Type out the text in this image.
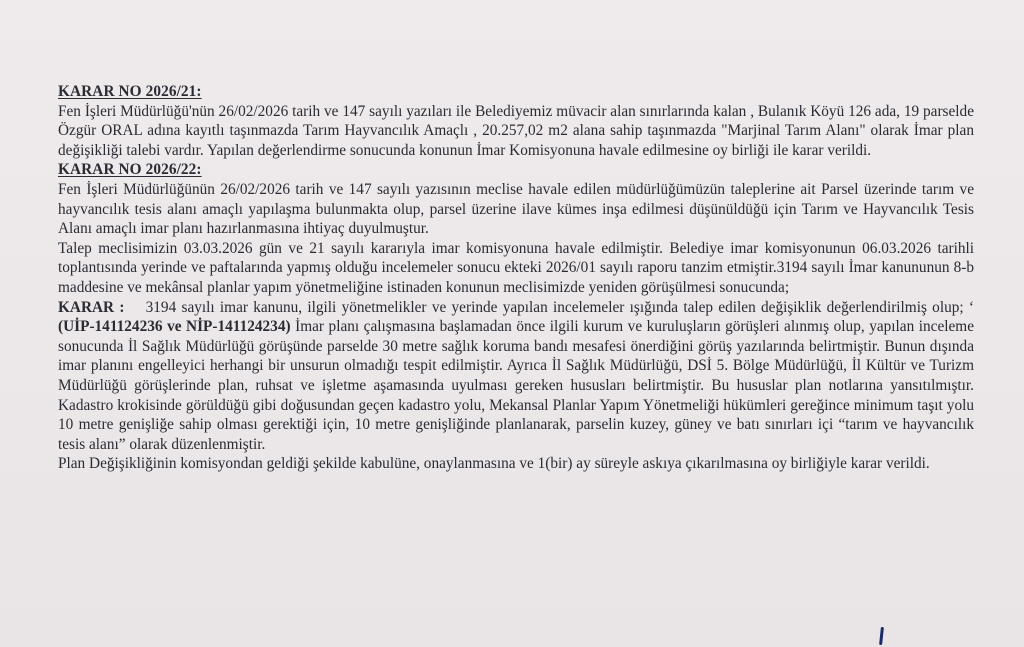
KARAR NO 2026/21:

Fen İşleri Müdürlüğü'nün 26/02/2026 tarih ve 147 sayılı yazıları ile Belediyemiz müvacir alan sınırlarında kalan , Bulanık Köyü 126 ada, 19 parselde Özgür ORAL adına kayıtlı taşınmazda Tarım Hayvancılık Amaçlı , 20.257,02 m2 alana sahip taşınmazda "Marjinal Tarım Alanı" olarak İmar plan değişikliği talebi vardır. Yapılan değerlendirme sonucunda konunun İmar Komisyonuna havale edilmesine oy birliği ile karar verildi.

KARAR NO 2026/22:

Fen İşleri Müdürlüğünün 26/02/2026 tarih ve 147 sayılı yazısının meclise havale edilen müdürlüğümüzün taleplerine ait Parsel üzerinde tarım ve hayvancılık tesis alanı amaçlı yapılaşma bulunmakta olup, parsel üzerine ilave kümes inşa edilmesi düşünüldüğü için Tarım ve Hayvancılık Tesis Alanı amaçlı imar planı hazırlanmasına ihtiyaç duyulmuştur.

Talep meclisimizin 03.03.2026 gün ve 21 sayılı kararıyla imar komisyonuna havale edilmiştir. Belediye imar komisyonunun 06.03.2026 tarihli toplantısında yerinde ve paftalarında yapmış olduğu incelemeler sonucu ekteki 2026/01 sayılı raporu tanzim etmiştir.3194 sayılı İmar kanununun 8-b maddesine ve mekânsal planlar yapım yönetmeliğine istinaden konunun meclisimizde yeniden görüşülmesi sonucunda;

KARAR : 3194 sayılı imar kanunu, ilgili yönetmelikler ve yerinde yapılan incelemeler ışığında talep edilen değişiklik değerlendirilmiş olup; ‘ (UİP-141124236 ve NİP-141124234) İmar planı çalışmasına başlamadan önce ilgili kurum ve kuruluşların görüşleri alınmış olup, yapılan inceleme sonucunda İl Sağlık Müdürlüğü görüşünde parselde 30 metre sağlık koruma bandı mesafesi önerdiğini görüş yazılarında belirtmiştir. Bunun dışında imar planını engelleyici herhangi bir unsurun olmadığı tespit edilmiştir. Ayrıca İl Sağlık Müdürlüğü, DSİ 5. Bölge Müdürlüğü, İl Kültür ve Turizm Müdürlüğü görüşlerinde plan, ruhsat ve işletme aşamasında uyulması gereken hususları belirtmiştir. Bu hususlar plan notlarına yansıtılmıştır. Kadastro krokisinde görüldüğü gibi doğusundan geçen kadastro yolu, Mekansal Planlar Yapım Yönetmeliği hükümleri gereğince minimum taşıt yolu 10 metre genişliğe sahip olması gerektiği için, 10 metre genişliğinde planlanarak, parselin kuzey, güney ve batı sınırları içi “tarım ve hayvancılık tesis alanı” olarak düzenlenmiştir.

Plan Değişikliğinin komisyondan geldiği şekilde kabulüne, onaylanmasına ve 1(bir) ay süreyle askıya çıkarılmasına oy birliğiyle karar verildi.
